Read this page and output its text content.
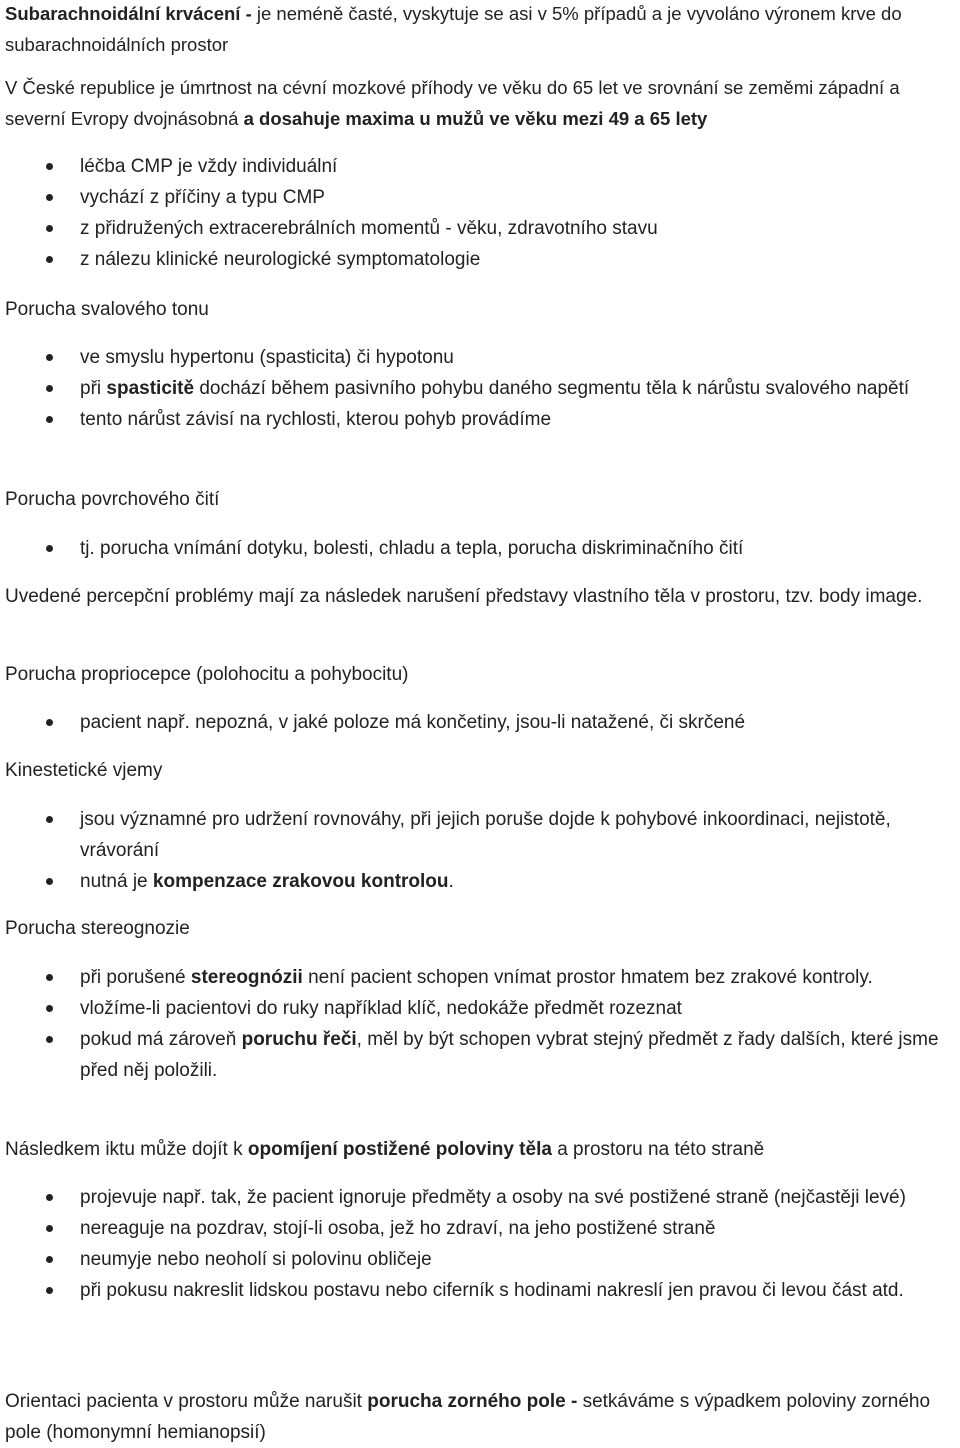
Subarachnoidální krvácení - je neméně časté, vyskytuje se asi v 5% případů a je vyvoláno výronem krve do subarachnoidálních prostor

V České republice je úmrtnost na cévní mozkové příhody ve věku do 65 let ve srovnání se zeměmi západní a severní Evropy dvojnásobná a dosahuje maxima u mužů ve věku mezi 49 a 65 lety

léčba CMP je vždy individuální
vychází z příčiny a typu CMP
z přidružených extracerebrálních momentů - věku, zdravotního stavu
z nálezu klinické neurologické symptomatologie

Porucha svalového tonu

ve smyslu hypertonu (spasticita) či hypotonu
při spasticitě dochází během pasivního pohybu daného segmentu těla k nárůstu svalového napětí
tento nárůst závisí na rychlosti, kterou pohyb provádíme

Porucha povrchového čití

tj. porucha vnímání dotyku, bolesti, chladu a tepla, porucha diskriminačního čití

Uvedené percepční problémy mají za následek narušení představy vlastního těla v prostoru, tzv. body image.

Porucha propriocepce (polohocitu a pohybocitu)

pacient např. nepozná, v jaké poloze má končetiny, jsou-li natažené, či skrčené

Kinestetické vjemy

jsou významné pro udržení rovnováhy, při jejich poruše dojde k pohybové inkoordinaci, nejistotě, vrávorání
nutná je kompenzace zrakovou kontrolou.

Porucha stereognozie

při porušené stereognózii není pacient schopen vnímat prostor hmatem bez zrakové kontroly.
vložíme-li pacientovi do ruky například klíč, nedokáže předmět rozeznat
pokud má zároveň poruchu řeči, měl by být schopen vybrat stejný předmět z řady dalších, které jsme před něj položili.

Následkem iktu může dojít k opomíjení postižené poloviny těla a prostoru na této straně

projevuje např. tak, že pacient ignoruje předměty a osoby na své postižené straně (nejčastěji levé)
nereaguje na pozdrav, stojí-li osoba, jež ho zdraví, na jeho postižené straně
neumyje nebo neoholí si polovinu obličeje
při pokusu nakreslit lidskou postavu nebo ciferník s hodinami nakreslí jen pravou či levou část atd.

Orientaci pacienta v prostoru může narušit porucha zorného pole - setkáváme s výpadkem poloviny zorného pole (homonymní hemianopsií)
